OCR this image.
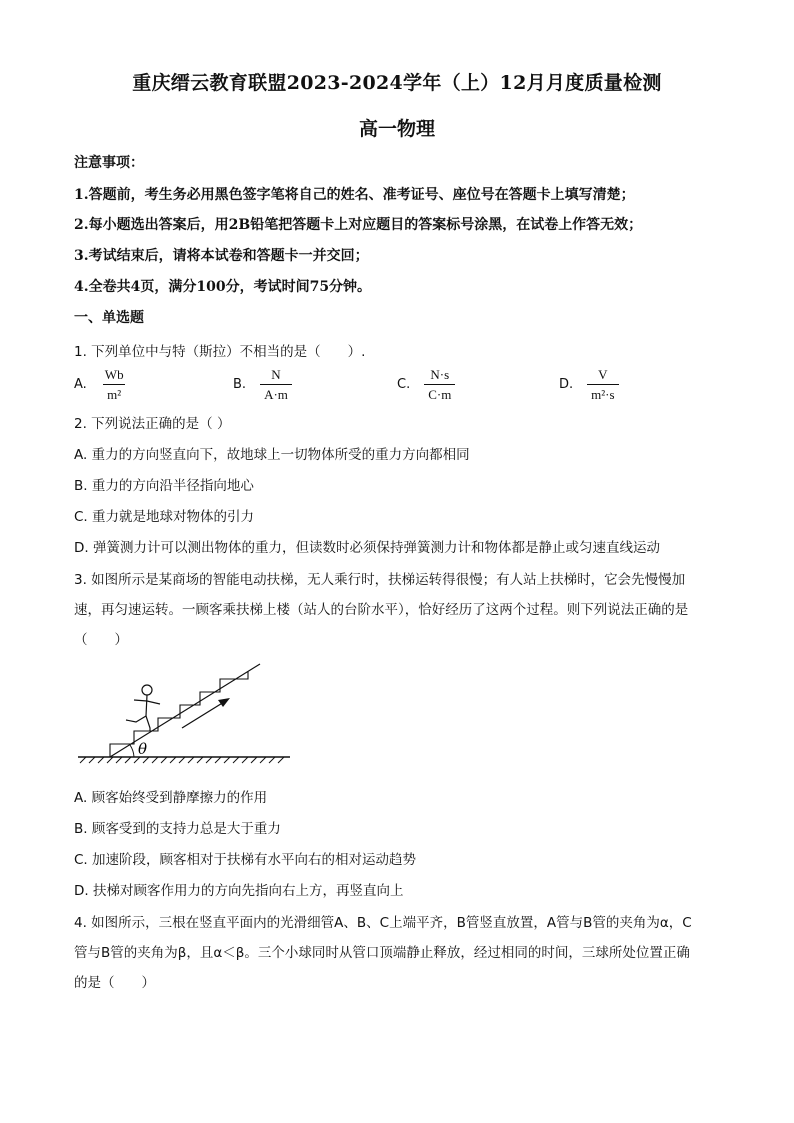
重庆缙云教育联盟2023-2024学年（上）12月月度质量检测
高一物理
注意事项：
1.答题前，考生务必用黑色签字笔将自己的姓名、准考证号、座位号在答题卡上填写清楚；
2.每小题选出答案后，用2B铅笔把答题卡上对应题目的答案标号涂黑，在试卷上作答无效；
3.考试结束后，请将本试卷和答题卡一并交回；
4.全卷共4页，满分100分，考试时间75分钟。
一、单选题
1. 下列单位中与特（斯拉）不相当的是（　　）.
A. $\frac{Wb}{\text{m²}}$	B. $\frac{N}{A\cdot m}$	C. $\frac{N\cdot s}{C\cdot m}$	D. $\frac{V}{\text{m²·s}}$
2. 下列说法正确的是（ ）
A. 重力的方向竖直向下，故地球上一切物体所受的重力方向都相同
B. 重力的方向沿半径指向地心
C. 重力就是地球对物体的引力
D. 弹簧测力计可以测出物体的重力，但读数时必须保持弹簧测力计和物体都是静止或匀速直线运动
3. 如图所示是某商场的智能电动扶梯，无人乘行时，扶梯运转得很慢；有人站上扶梯时，它会先慢慢加
速，再匀速运转。一顾客乘扶梯上楼（站人的台阶水平），恰好经历了这两个过程。则下列说法正确的是
（　　）
θ
A. 顾客始终受到静摩擦力的作用
B. 顾客受到的支持力总是大于重力
C. 加速阶段，顾客相对于扶梯有水平向右的相对运动趋势
D. 扶梯对顾客作用力的方向先指向右上方，再竖直向上
4. 如图所示，三根在竖直平面内的光滑细管A、B、C上端平齐，B管竖直放置，A管与B管的夹角为α，C
管与B管的夹角为β，且α＜β。三个小球同时从管口顶端静止释放，经过相同的时间，三球所处位置正确
的是（　　）
